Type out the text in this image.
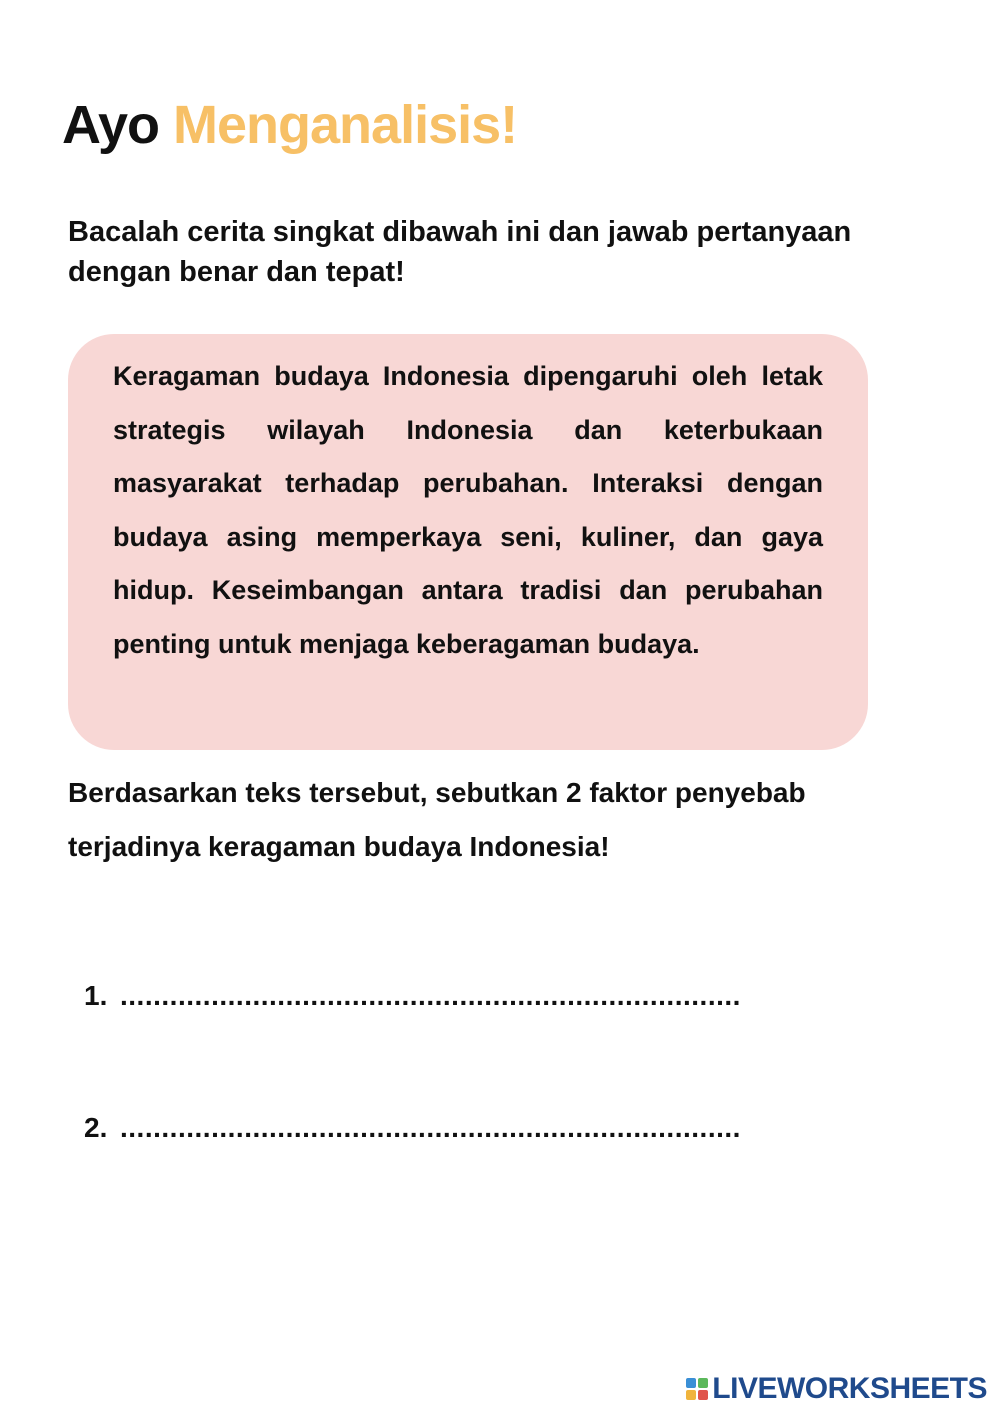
Ayo Menganalisis!

Bacalah cerita singkat dibawah ini dan jawab pertanyaan dengan benar dan tepat!

Keragaman budaya Indonesia dipengaruhi oleh letak strategis wilayah Indonesia dan keterbukaan masyarakat terhadap perubahan. Interaksi dengan budaya asing memperkaya seni, kuliner, dan gaya hidup. Keseimbangan antara tradisi dan perubahan penting untuk menjaga keberagaman budaya.

Berdasarkan teks tersebut, sebutkan 2 faktor penyebab terjadinya keragaman budaya Indonesia!

1. ...........................................................................
2. ...........................................................................
LIVEWORKSHEETS
